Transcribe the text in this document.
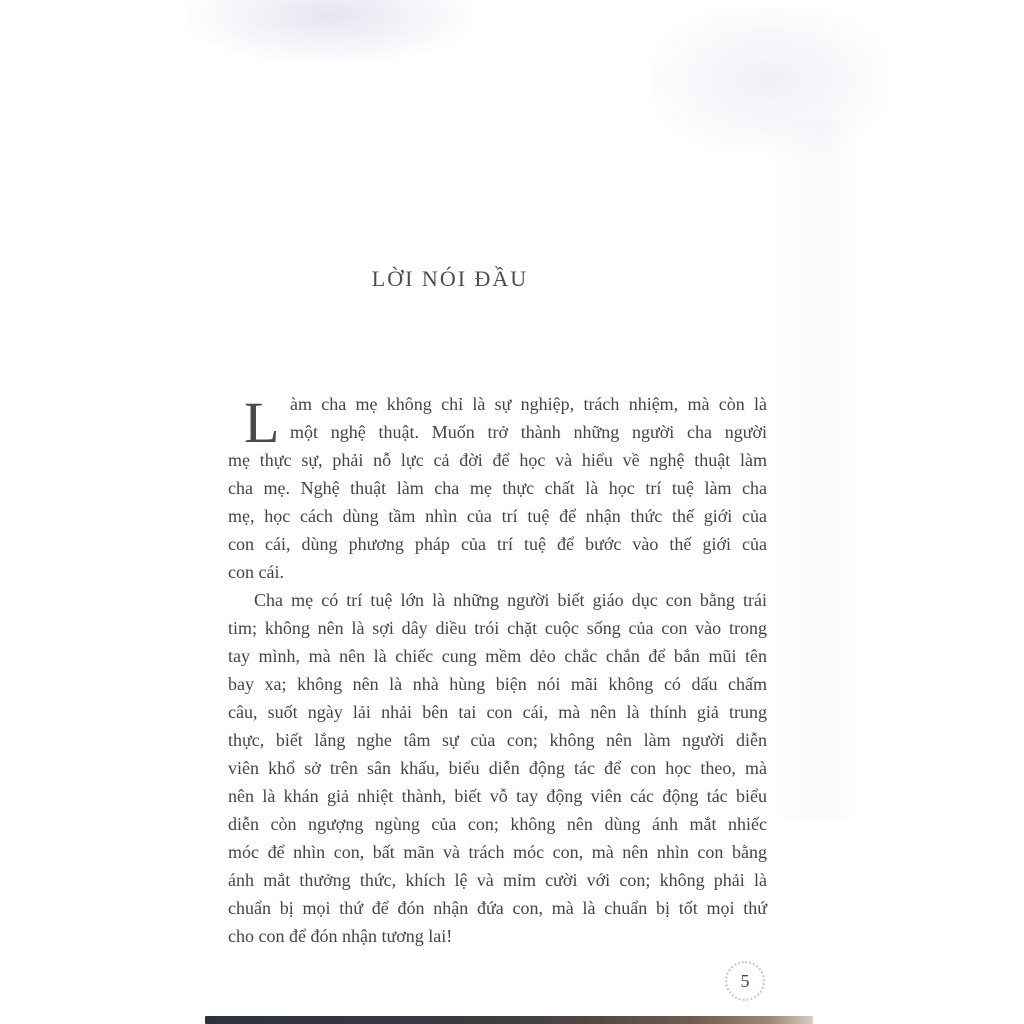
LỜI NÓI ĐẦU
L àm cha mẹ không chỉ là sự nghiệp, trách nhiệm, mà còn là
một nghệ thuật. Muốn trở thành những người cha người
mẹ thực sự, phải nỗ lực cả đời để học và hiểu về nghệ thuật làm
cha mẹ. Nghệ thuật làm cha mẹ thực chất là học trí tuệ làm cha
mẹ, học cách dùng tầm nhìn của trí tuệ để nhận thức thế giới của
con cái, dùng phương pháp của trí tuệ để bước vào thế giới của
con cái.
Cha mẹ có trí tuệ lớn là những người biết giáo dục con bằng trái
tim; không nên là sợi dây diều trói chặt cuộc sống của con vào trong
tay mình, mà nên là chiếc cung mềm dẻo chắc chắn để bắn mũi tên
bay xa; không nên là nhà hùng biện nói mãi không có dấu chấm
câu, suốt ngày lải nhải bên tai con cái, mà nên là thính giả trung
thực, biết lắng nghe tâm sự của con; không nên làm người diễn
viên khổ sở trên sân khấu, biểu diễn động tác để con học theo, mà
nên là khán giả nhiệt thành, biết vỗ tay động viên các động tác biểu
diễn còn ngượng ngùng của con; không nên dùng ánh mắt nhiếc
móc để nhìn con, bất mãn và trách móc con, mà nên nhìn con bằng
ánh mắt thưởng thức, khích lệ và mỉm cười với con; không phải là
chuẩn bị mọi thứ để đón nhận đứa con, mà là chuẩn bị tốt mọi thứ
cho con để đón nhận tương lai!
5
